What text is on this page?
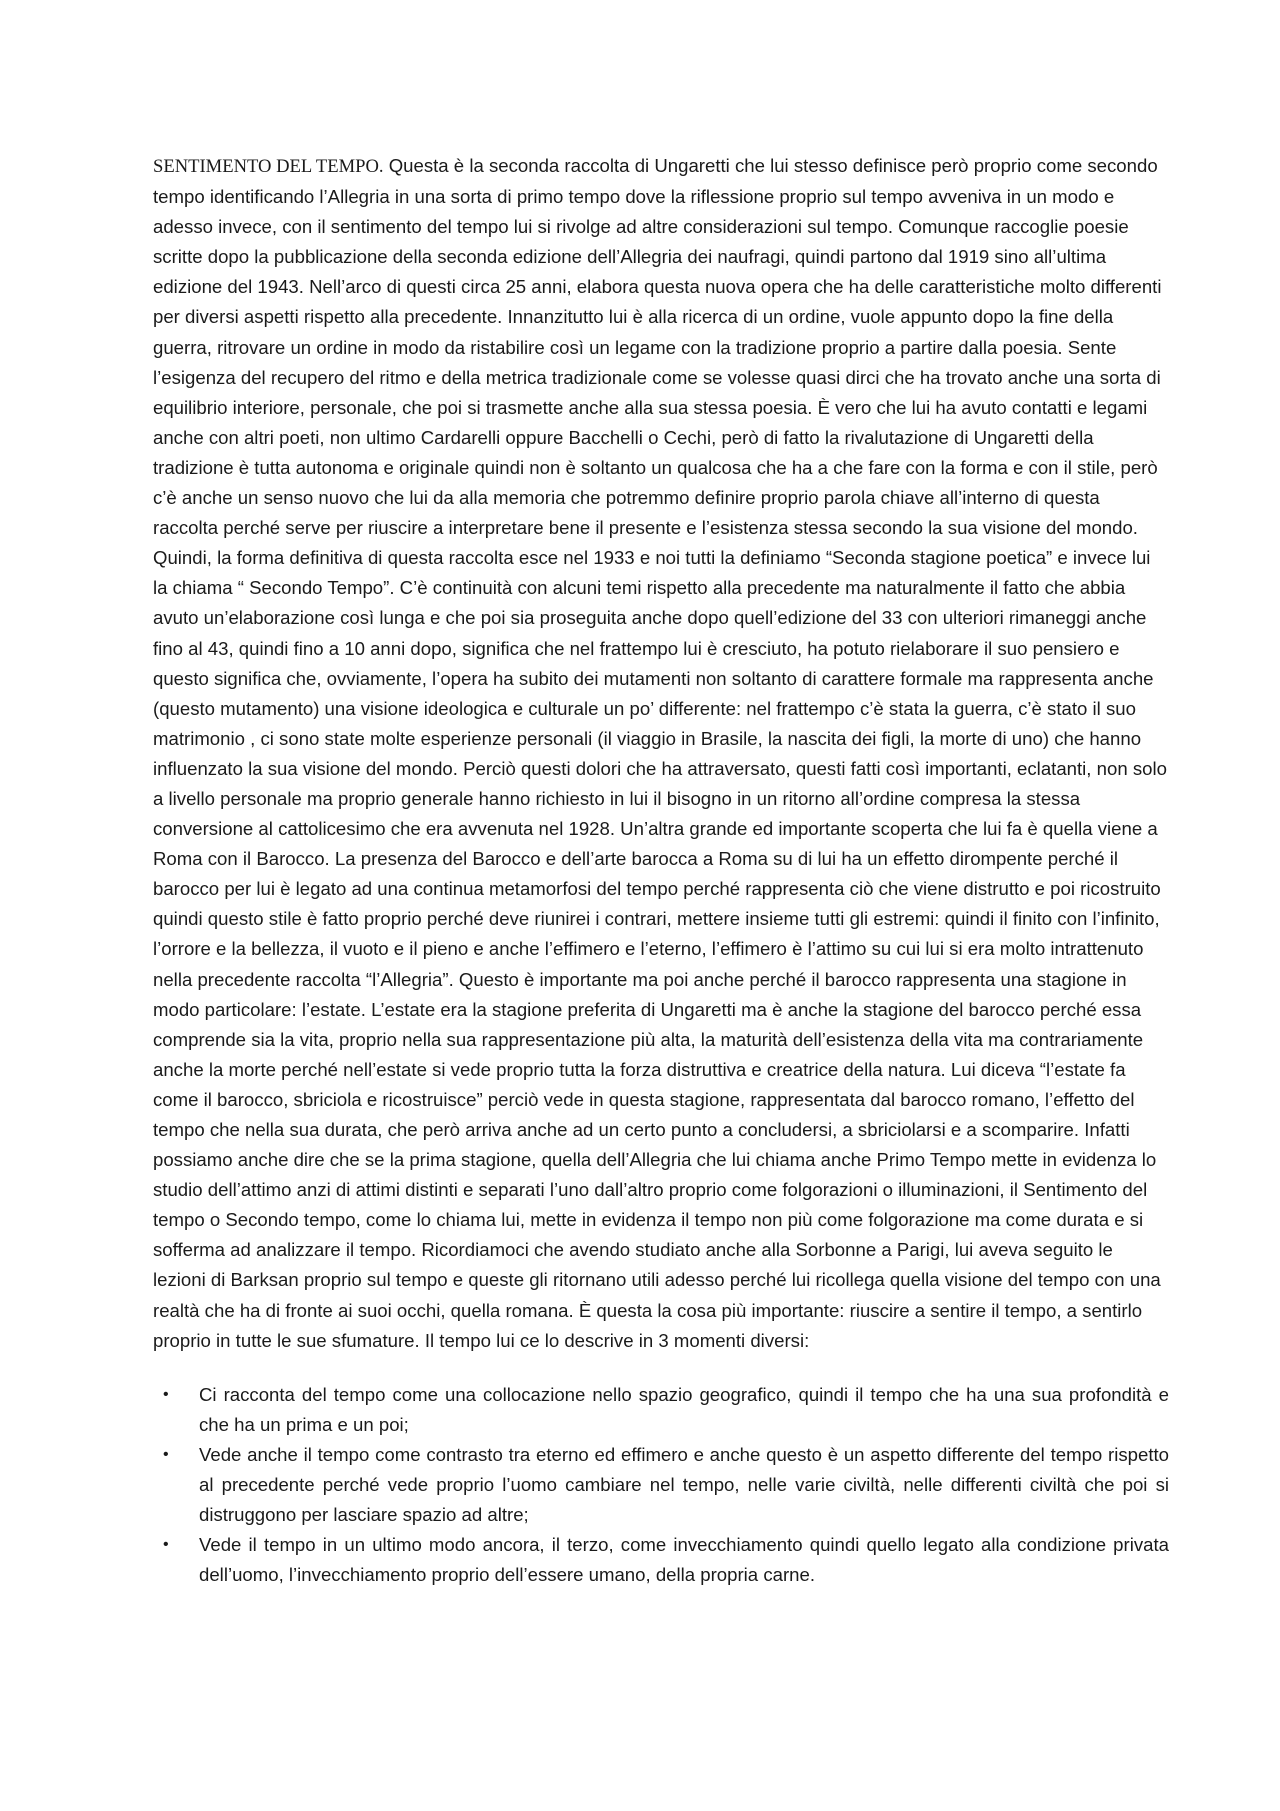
SENTIMENTO DEL TEMPO. Questa è la seconda raccolta di Ungaretti che lui stesso definisce però proprio come secondo tempo identificando l’Allegria in una sorta di primo tempo dove la riflessione proprio sul tempo avveniva in un modo e adesso invece, con il sentimento del tempo lui si rivolge ad altre considerazioni sul tempo. Comunque raccoglie poesie scritte dopo la pubblicazione della seconda edizione dell’Allegria dei naufragi, quindi partono dal 1919 sino all’ultima edizione del 1943. Nell’arco di questi circa 25 anni, elabora questa nuova opera che ha delle caratteristiche molto differenti per diversi aspetti rispetto alla precedente. Innanzitutto lui è alla ricerca di un ordine, vuole appunto dopo la fine della guerra, ritrovare un ordine in modo da ristabilire così un legame con la tradizione proprio a partire dalla poesia. Sente l’esigenza del recupero del ritmo e della metrica tradizionale come se volesse quasi dirci che ha trovato anche una sorta di equilibrio interiore, personale, che poi si trasmette anche alla sua stessa poesia. È vero che lui ha avuto contatti e legami anche con altri poeti, non ultimo Cardarelli oppure Bacchelli o Cechi, però di fatto la rivalutazione di Ungaretti della tradizione è tutta autonoma e originale quindi non è soltanto un qualcosa che ha a che fare con la forma e con il stile, però c’è anche un senso nuovo che lui da alla memoria che potremmo definire proprio parola chiave all’interno di questa raccolta perché serve per riuscire a interpretare bene il presente e l’esistenza stessa secondo la sua visione del mondo. Quindi, la forma definitiva di questa raccolta esce nel 1933 e noi tutti la definiamo “Seconda stagione poetica” e invece lui la chiama “ Secondo Tempo”. C’è continuità con alcuni temi rispetto alla precedente ma naturalmente il fatto che abbia avuto un’elaborazione così lunga e che poi sia proseguita anche dopo quell’edizione del 33 con ulteriori rimaneggi anche fino al 43, quindi fino a 10 anni dopo, significa che nel frattempo lui è cresciuto, ha potuto rielaborare il suo pensiero e questo significa che, ovviamente, l’opera ha subito dei mutamenti non soltanto di carattere formale ma rappresenta anche (questo mutamento) una visione ideologica e culturale un po’ differente: nel frattempo c’è stata la guerra, c’è stato il suo matrimonio , ci sono state molte esperienze personali (il viaggio in Brasile, la nascita dei figli, la morte di uno) che hanno influenzato la sua visione del mondo. Perciò questi dolori che ha attraversato, questi fatti così importanti, eclatanti, non solo a livello personale ma proprio generale hanno richiesto in lui il bisogno in un ritorno all’ordine compresa la stessa conversione al cattolicesimo che era avvenuta nel 1928. Un’altra grande ed importante scoperta che lui fa è quella viene a Roma con il Barocco. La presenza del Barocco e dell’arte barocca a Roma su di lui ha un effetto dirompente perché il barocco per lui è legato ad una continua metamorfosi del tempo perché rappresenta ciò che viene distrutto e poi ricostruito quindi questo stile è fatto proprio perché deve riunirei i contrari, mettere insieme tutti gli estremi: quindi il finito con l’infinito, l’orrore e la bellezza, il vuoto e il pieno e anche l’effimero e l’eterno, l’effimero è l’attimo su cui lui si era molto intrattenuto nella precedente raccolta “l’Allegria”. Questo è importante ma poi anche perché il barocco rappresenta una stagione in modo particolare: l’estate. L’estate era la stagione preferita di Ungaretti ma è anche la stagione del barocco perché essa comprende sia la vita, proprio nella sua rappresentazione più alta, la maturità dell’esistenza della vita ma contrariamente anche la morte perché nell’estate si vede proprio tutta la forza distruttiva e creatrice della natura. Lui diceva “l’estate fa come il barocco, sbriciola e ricostruisce” perciò vede in questa stagione, rappresentata dal barocco romano, l’effetto del tempo che nella sua durata, che però arriva anche ad un certo punto a concludersi, a sbriciolarsi e a scomparire. Infatti possiamo anche dire che se la prima stagione, quella dell’Allegria che lui chiama anche Primo Tempo mette in evidenza lo studio dell’attimo anzi di attimi distinti e separati l’uno dall’altro proprio come folgorazioni o illuminazioni, il Sentimento del tempo o Secondo tempo, come lo chiama lui, mette in evidenza il tempo non più come folgorazione ma come durata e si sofferma ad analizzare il tempo. Ricordiamoci che avendo studiato anche alla Sorbonne a Parigi, lui aveva seguito le lezioni di Barksan proprio sul tempo e queste gli ritornano utili adesso perché lui ricollega quella visione del tempo con una realtà che ha di fronte ai suoi occhi, quella romana. È questa la cosa più importante: riuscire a sentire il tempo, a sentirlo proprio in tutte le sue sfumature. Il tempo lui ce lo descrive in 3 momenti diversi:

• Ci racconta del tempo come una collocazione nello spazio geografico, quindi il tempo che ha una sua profondità e che ha un prima e un poi;
• Vede anche il tempo come contrasto tra eterno ed effimero e anche questo è un aspetto differente del tempo rispetto al precedente perché vede proprio l’uomo cambiare nel tempo, nelle varie civiltà, nelle differenti civiltà che poi si distruggono per lasciare spazio ad altre;
• Vede il tempo in un ultimo modo ancora, il terzo, come invecchiamento quindi quello legato alla condizione privata dell’uomo, l’invecchiamento proprio dell’essere umano, della propria carne.
